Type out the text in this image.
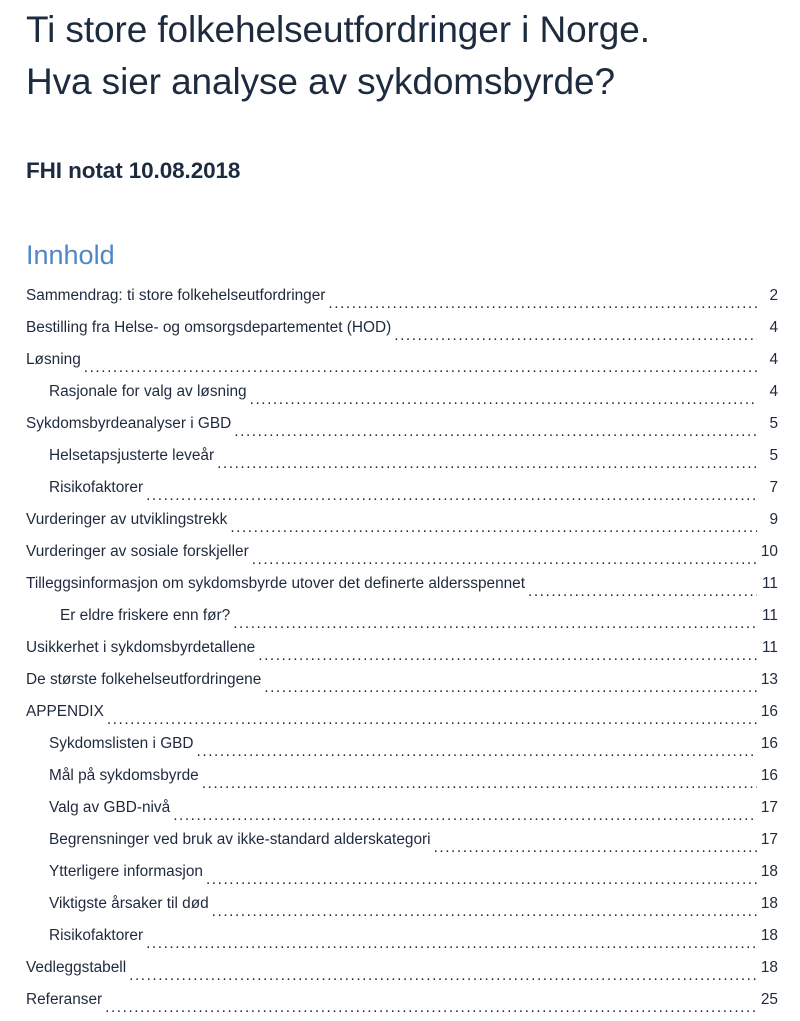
Ti store folkehelseutfordringer i Norge.
Hva sier analyse av sykdomsbyrde?
FHI notat 10.08.2018
Innhold
Sammendrag: ti store folkehelseutfordringer
.....	2
Bestilling fra Helse- og omsorgsdepartementet (HOD)
.....	4
Løsning
.....	4
Rasjonale for valg av løsning
.....	4
Sykdomsbyrdeanalyser i GBD
.....	5
Helsetapsjusterte leveår
.....	5
Risikofaktorer
.....	7
Vurderinger av utviklingstrekk
.....	9
Vurderinger av sosiale forskjeller
.....	10
Tilleggsinformasjon om sykdomsbyrde utover det definerte aldersspennet
.....	11
Er eldre friskere enn før?
.....	11
Usikkerhet i sykdomsbyrdetallene
.....	11
De største folkehelseutfordringene
.....	13
APPENDIX
.....	16
Sykdomslisten i GBD
.....	16
Mål på sykdomsbyrde
.....	16
Valg av GBD-nivå
.....	17
Begrensninger ved bruk av ikke-standard alderskategori
.....	17
Ytterligere informasjon
.....	18
Viktigste årsaker til død
.....	18
Risikofaktorer
.....	18
Vedleggstabell
.....	18
Referanser
.....	25
